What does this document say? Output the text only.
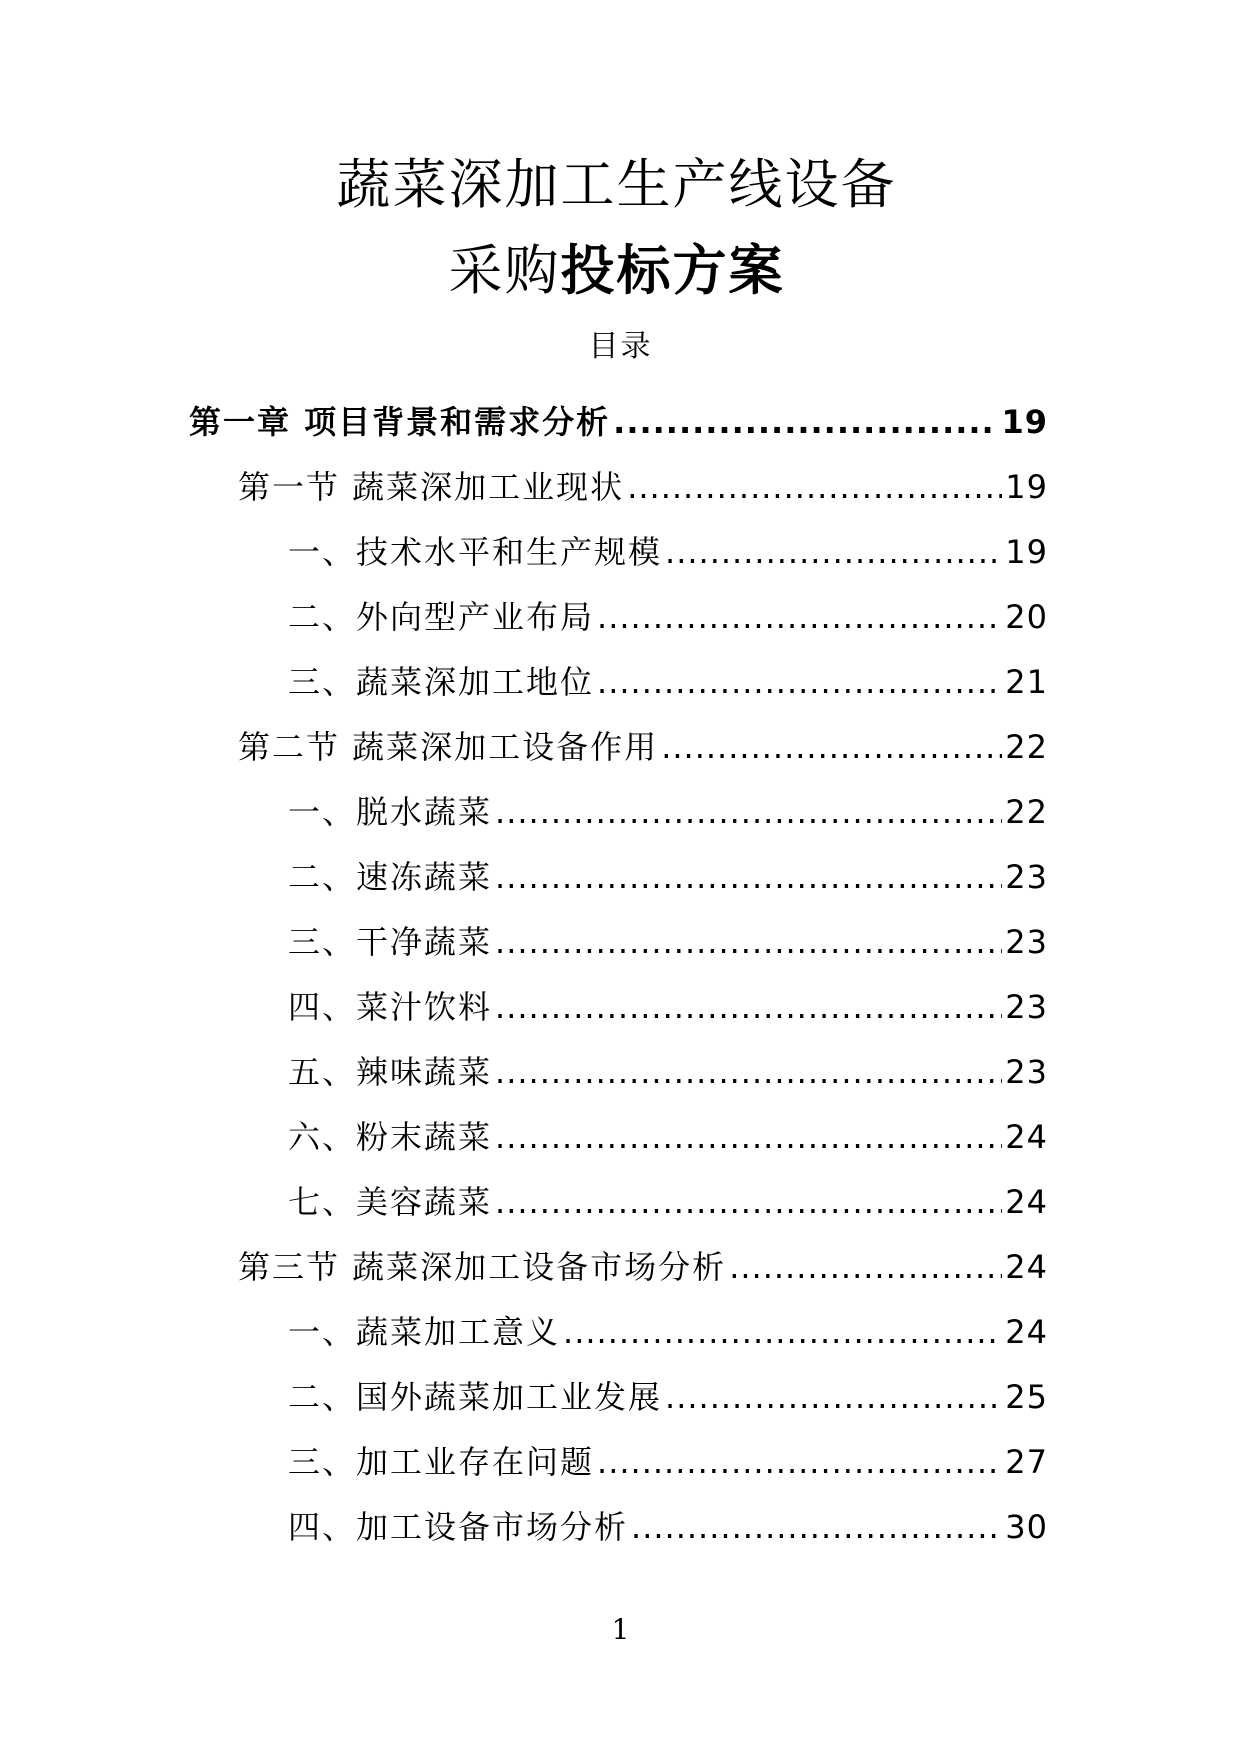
蔬菜深加工生产线设备
采购投标方案
目录
第一章 项目背景和需求分析 .....	19
第一节 蔬菜深加工业现状 .....	19
一、技术水平和生产规模 .....	19
二、外向型产业布局 .....	20
三、蔬菜深加工地位 .....	21
第二节 蔬菜深加工设备作用 .....	22
一、脱水蔬菜 .....	22
二、速冻蔬菜 .....	23
三、干净蔬菜 .....	23
四、菜汁饮料 .....	23
五、辣味蔬菜 .....	23
六、粉末蔬菜 .....	24
七、美容蔬菜 .....	24
第三节 蔬菜深加工设备市场分析 .....	24
一、蔬菜加工意义 .....	24
二、国外蔬菜加工业发展 .....	25
三、加工业存在问题 .....	27
四、加工设备市场分析 .....	30
1
